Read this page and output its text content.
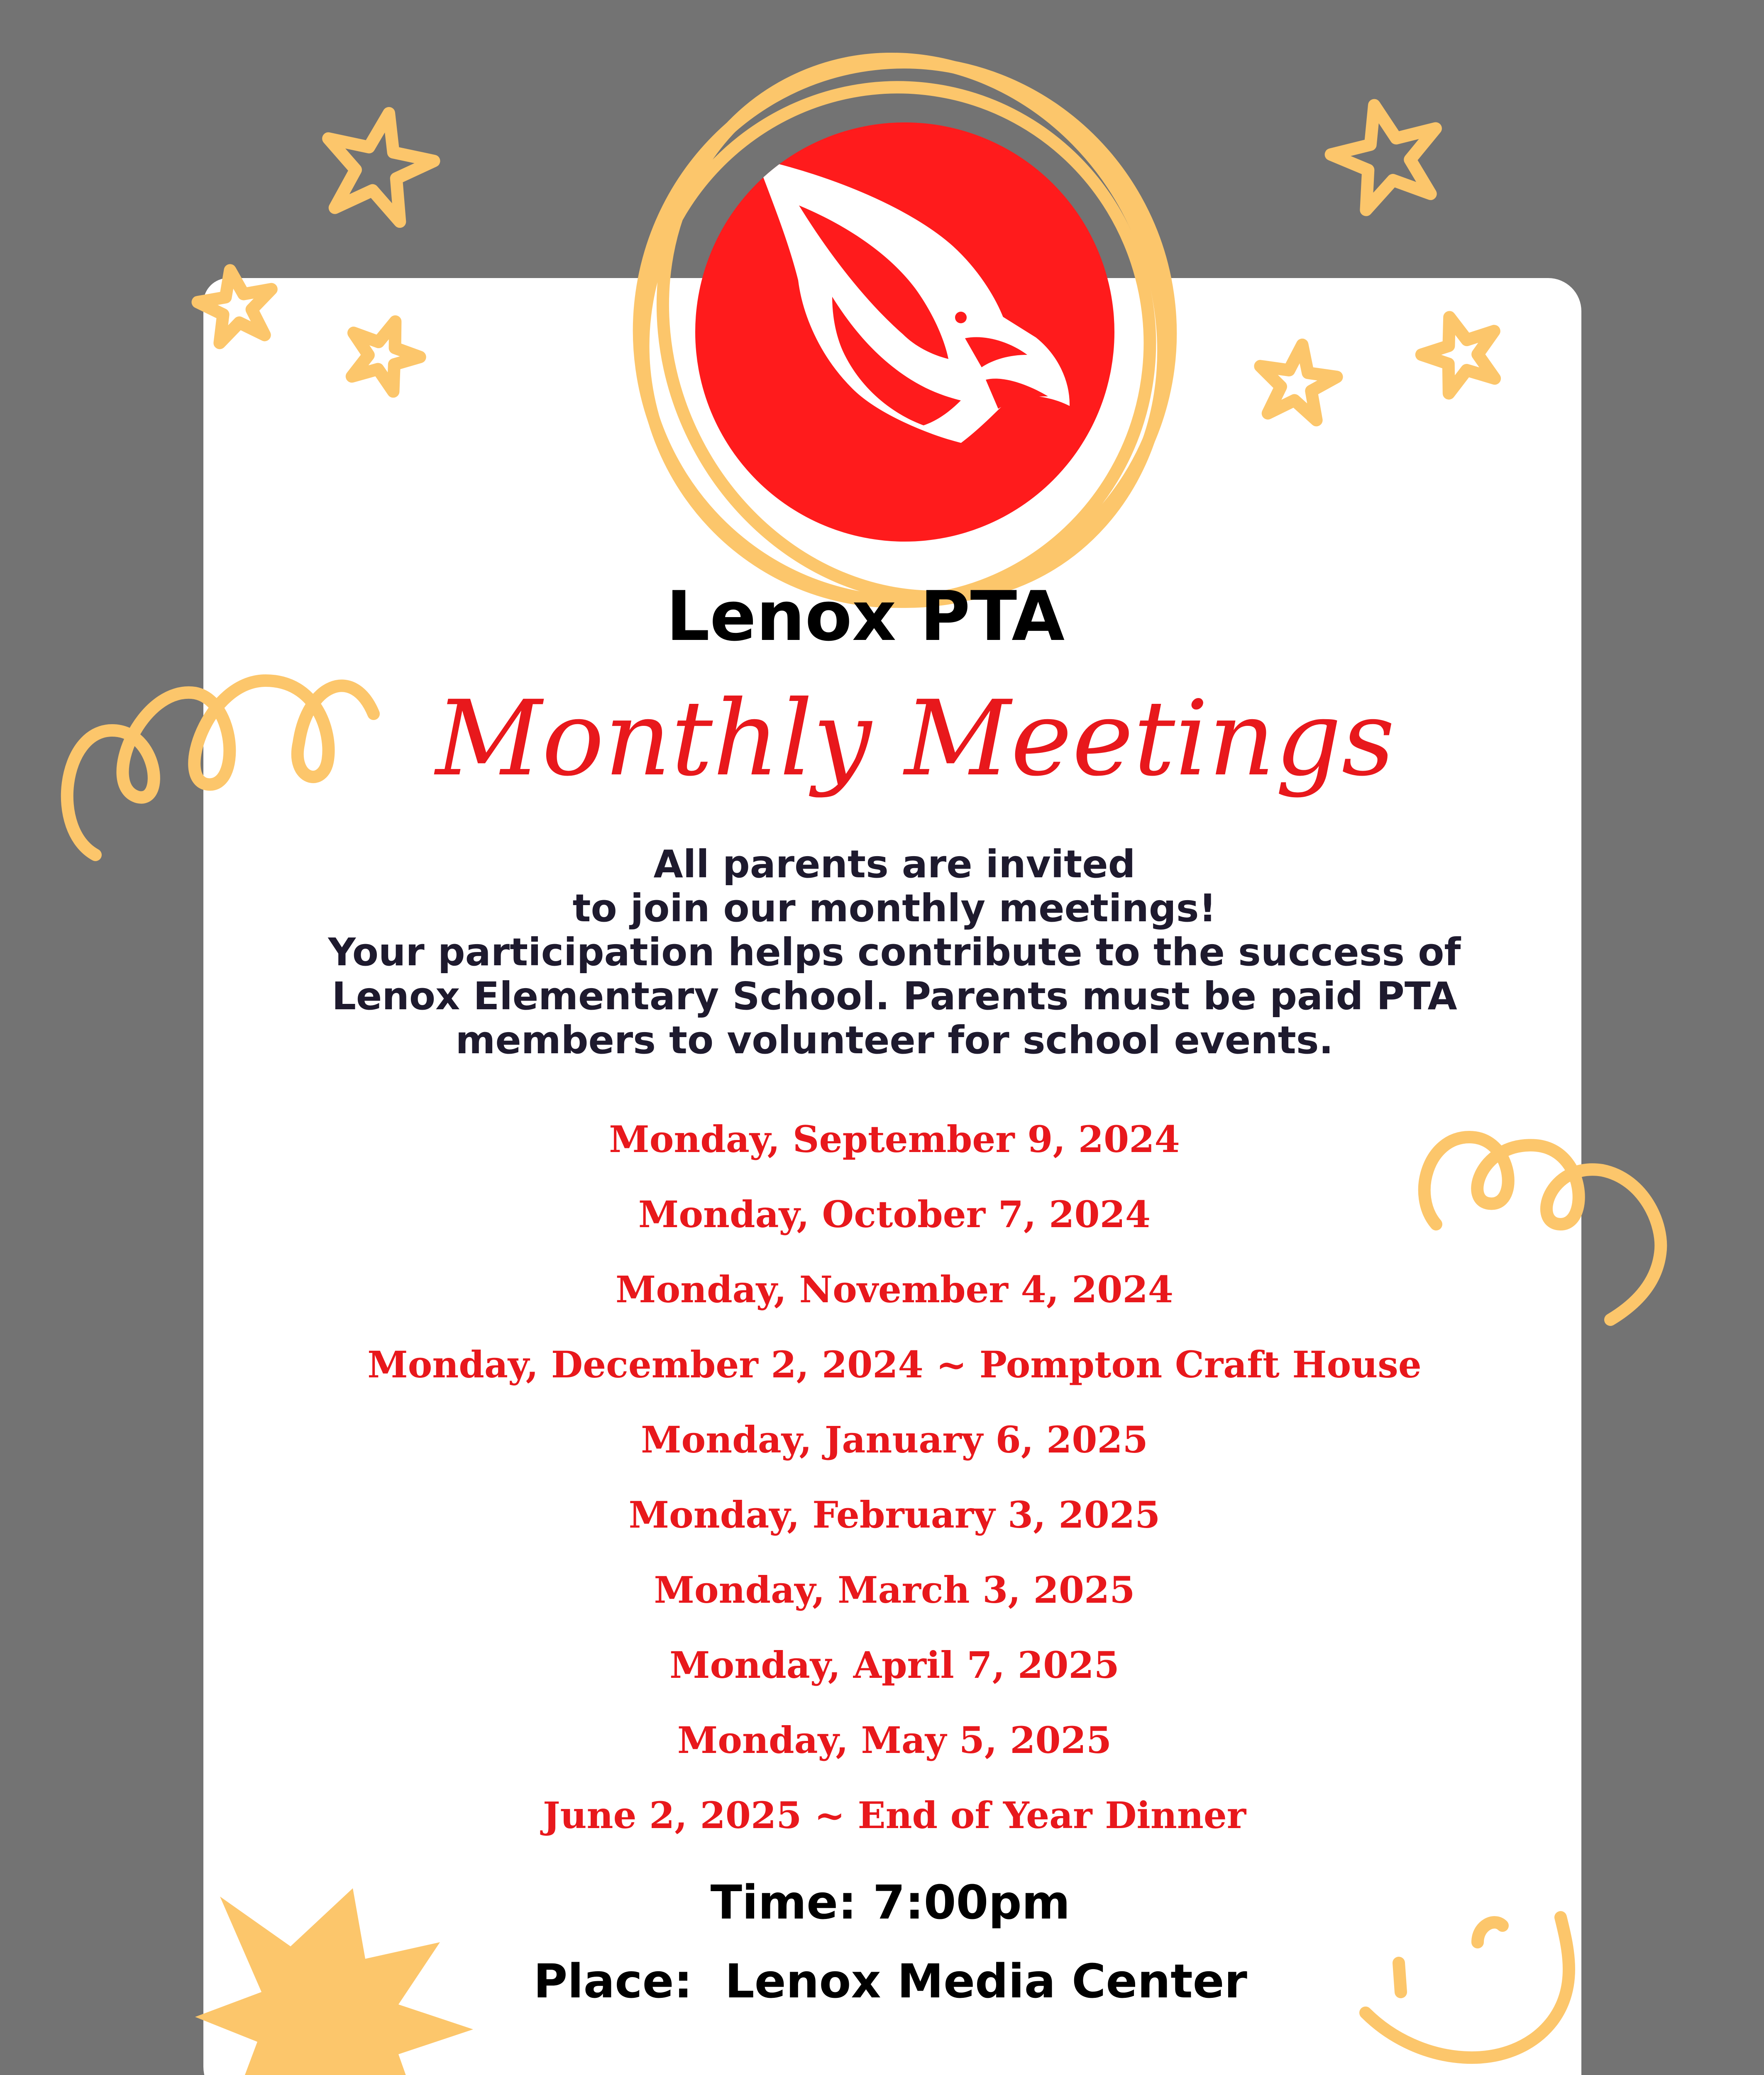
Lenox PTA
Monthly Meetings
All parents are invited
to join our monthly meetings!
Your participation helps contribute to the success of
Lenox Elementary School. Parents must be paid PTA
members to volunteer for school events.
Monday, September 9, 2024
Monday, October 7, 2024
Monday, November 4, 2024
Monday, December 2, 2024 ~ Pompton Craft House
Monday, January 6, 2025
Monday, February 3, 2025
Monday, March 3, 2025
Monday, April 7, 2025
Monday, May 5, 2025
June 2, 2025 ~ End of Year Dinner
Time: 7:00pm
Place:  Lenox Media Center
